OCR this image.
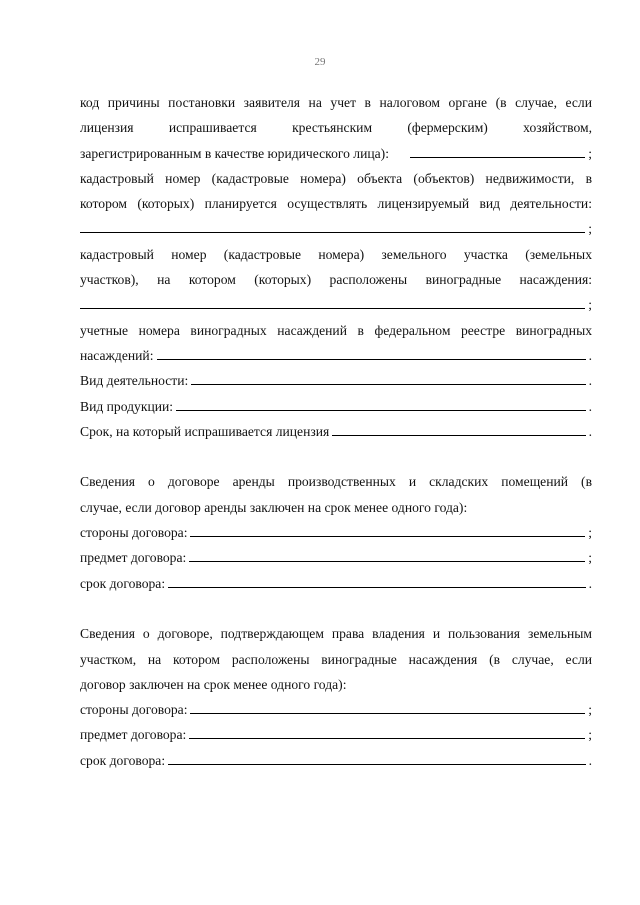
29
код причины постановки заявителя на учет в налоговом органе (в случае, если
лицензия испрашивается крестьянским (фермерским) хозяйством,
зарегистрированным в качестве юридического лица):	;
кадастровый номер (кадастровые номера) объекта (объектов) недвижимости, в
котором (которых) планируется осуществлять лицензируемый вид деятельности:
;
кадастровый номер (кадастровые номера) земельного участка (земельных
участков), на котором (которых) расположены виноградные насаждения:
;
учетные номера виноградных насаждений в федеральном реестре виноградных
насаждений:	.
Вид деятельности:	.
Вид продукции:	.
Срок, на который испрашивается лицензия	.
Сведения о договоре аренды производственных и складских помещений (в
случае, если договор аренды заключен на срок менее одного года):
стороны договора:	;
предмет договора:	;
срок договора:	.
Сведения о договоре, подтверждающем права владения и пользования земельным
участком, на котором расположены виноградные насаждения (в случае, если
договор заключен на срок менее одного года):
стороны договора:	;
предмет договора:	;
срок договора:	.
